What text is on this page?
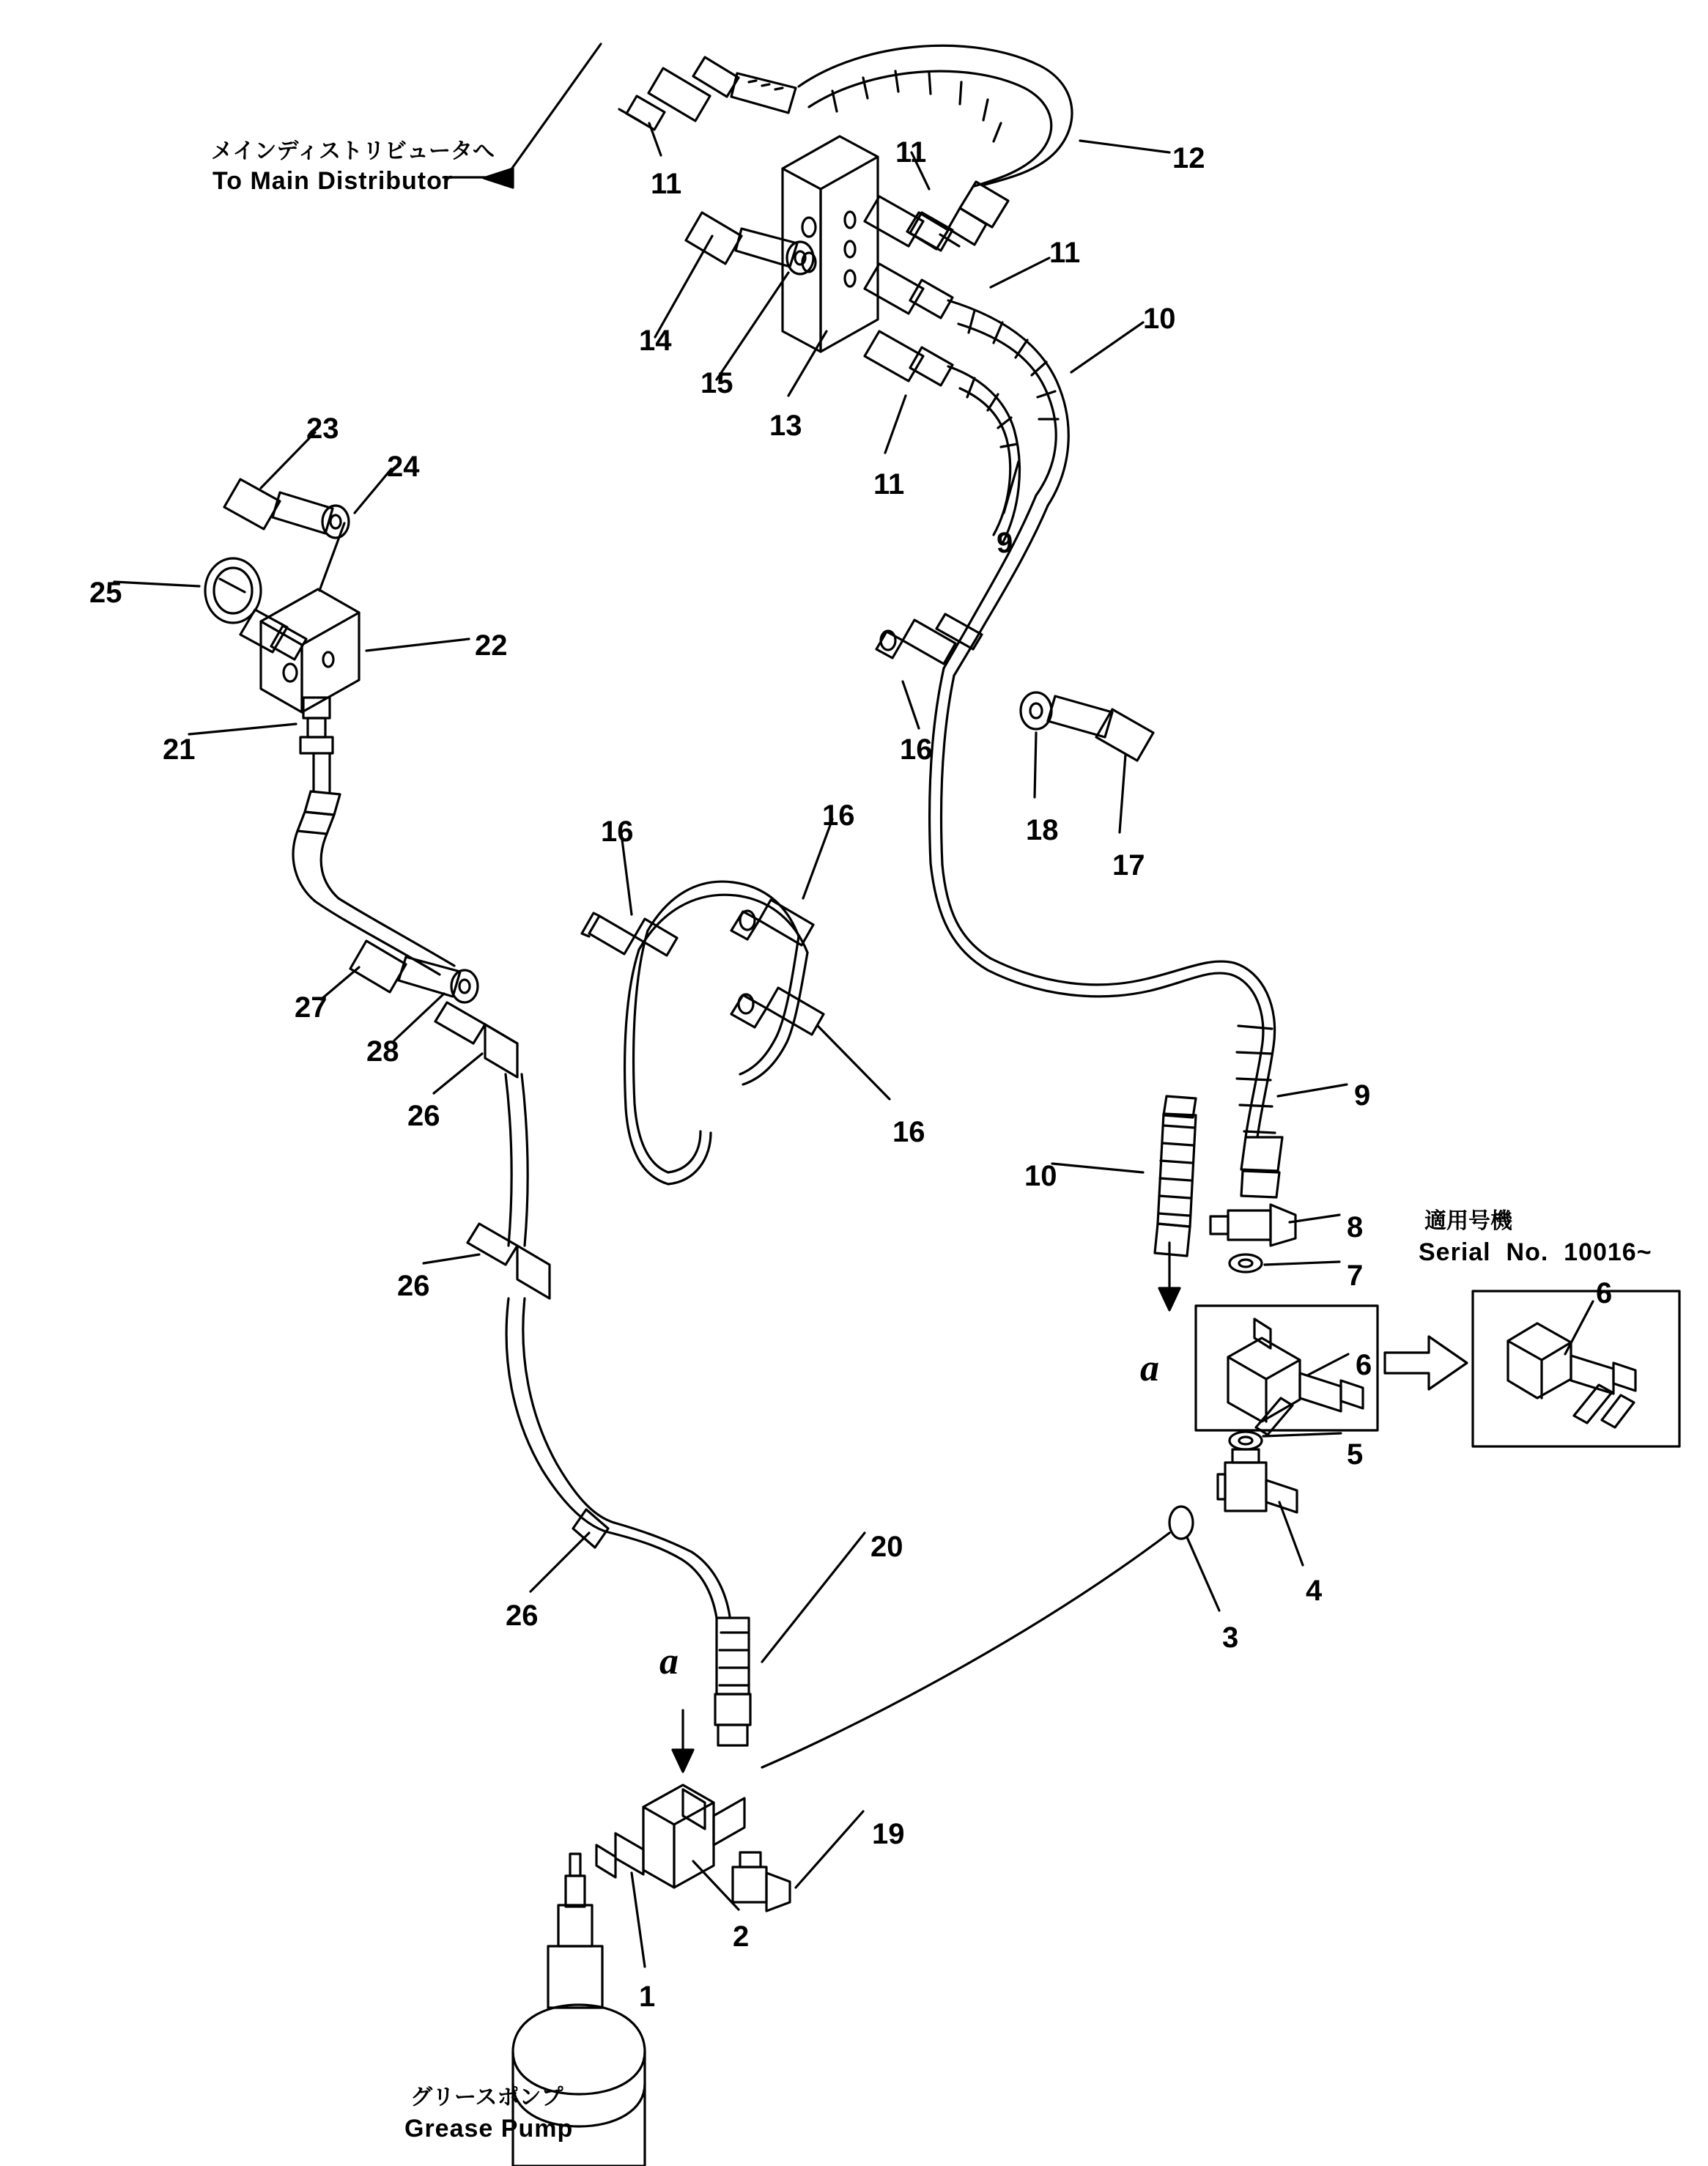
メインディストリビュータへ
To Main Distributor
グリースポンプ
Grease Pump
適用号機
Serial  No.  10016~
a
a
11
11	12
11
10
14
15
13
11
9
23
24
25
22
21	16
18
17
16	16
16
27
28
26
26
26
9
10
8
7
6
6
5
4
3
20
19
2
1
